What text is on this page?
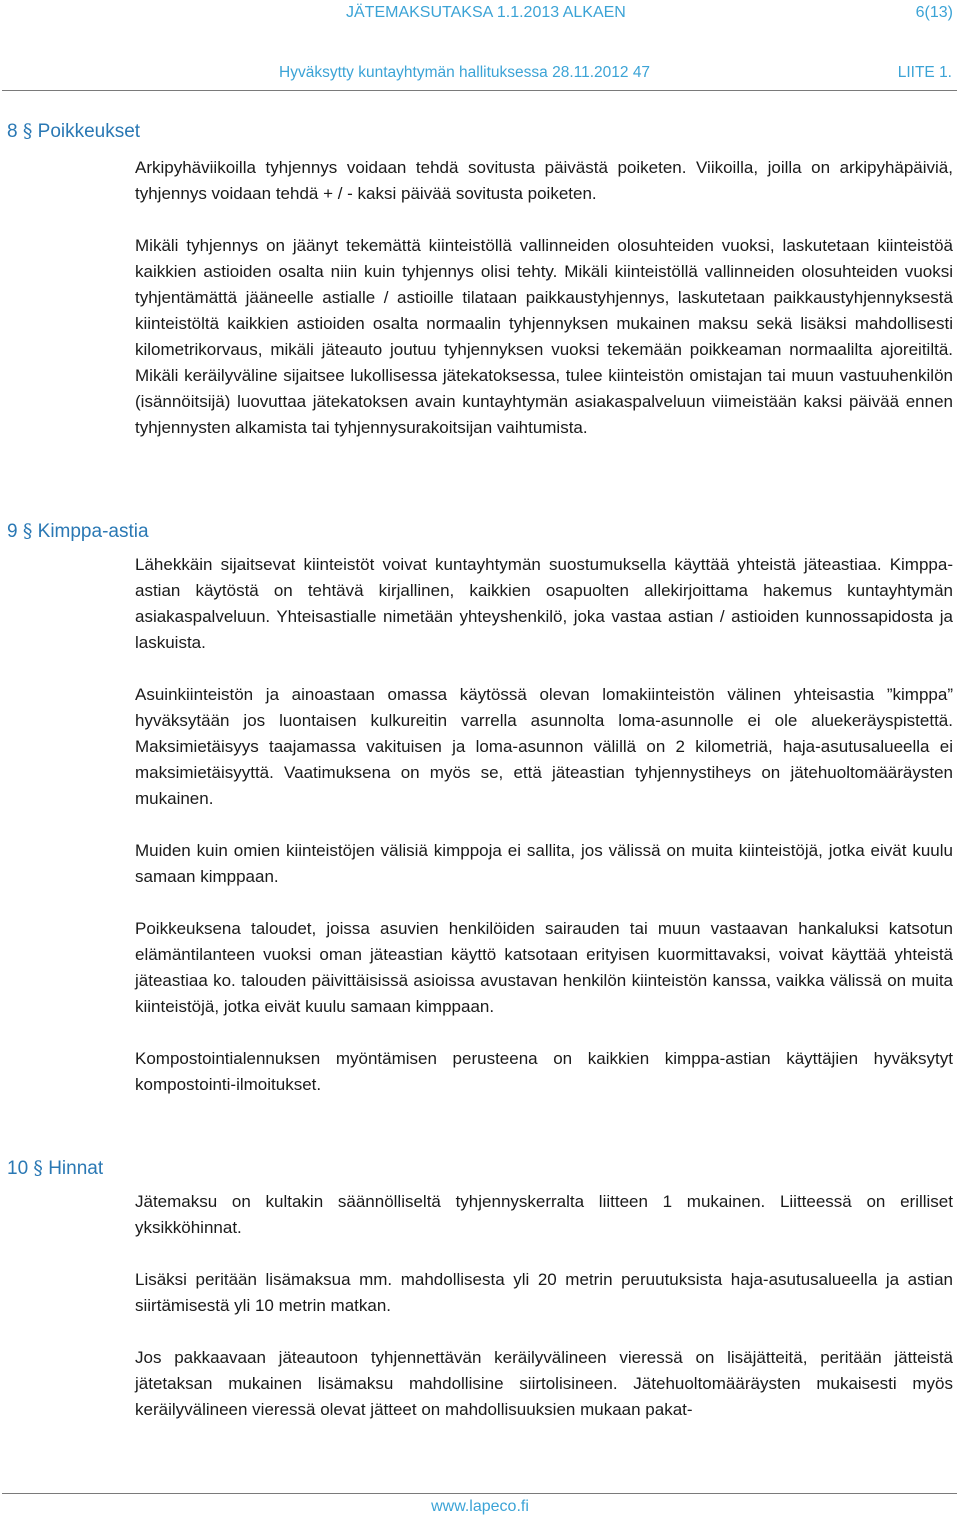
JÄTEMAKSUTAKSA 1.1.2013 ALKAEN	6(13)
Hyväksytty kuntayhtymän hallituksessa 28.11.2012 47	LIITE 1.
8 § Poikkeukset

Arkipyhäviikoilla tyhjennys voidaan tehdä sovitusta päivästä poiketen. Viikoilla, joilla on arkipyhäpäiviä, tyhjennys voidaan tehdä + / - kaksi päivää sovitusta poiketen.

Mikäli tyhjennys on jäänyt tekemättä kiinteistöllä vallinneiden olosuhteiden vuoksi, laskutetaan kiinteistöä kaikkien astioiden osalta niin kuin tyhjennys olisi tehty. Mikäli kiinteistöllä vallinneiden olosuhteiden vuoksi tyhjentämättä jääneelle astialle / astioille tilataan paikkaustyhjennys, laskutetaan paikkaustyhjennyksestä kiinteistöltä kaikkien astioiden osalta normaalin tyhjennyksen mukainen maksu sekä lisäksi mahdollisesti kilometrikorvaus, mikäli jäteauto joutuu tyhjennyksen vuoksi tekemään poikkeaman normaalilta ajoreitiltä. Mikäli keräilyväline sijaitsee lukollisessa jätekatoksessa, tulee kiinteistön omistajan tai muun vastuuhenkilön (isännöitsijä) luovuttaa jätekatoksen avain kuntayhtymän asiakaspalveluun viimeistään kaksi päivää ennen tyhjennysten alkamista tai tyhjennysurakoitsijan vaihtumista.

9 § Kimppa-astia

Lähekkäin sijaitsevat kiinteistöt voivat kuntayhtymän suostumuksella käyttää yhteistä jäteastiaa. Kimppa-astian käytöstä on tehtävä kirjallinen, kaikkien osapuolten allekirjoittama hakemus kuntayhtymän asiakaspalveluun. Yhteisastialle nimetään yhteyshenkilö, joka vastaa astian / astioiden kunnossapidosta ja laskuista.

Asuinkiinteistön ja ainoastaan omassa käytössä olevan lomakiinteistön välinen yhteisastia ”kimppa” hyväksytään jos luontaisen kulkureitin varrella asunnolta loma-asunnolle ei ole aluekeräyspistettä. Maksimietäisyys taajamassa vakituisen ja loma-asunnon välillä on 2 kilometriä, haja-asutusalueella ei maksimietäisyyttä. Vaatimuksena on myös se, että jäteastian tyhjennystiheys on jätehuoltomääräysten mukainen.

Muiden kuin omien kiinteistöjen välisiä kimppoja ei sallita, jos välissä on muita kiinteistöjä, jotka eivät kuulu samaan kimppaan.

Poikkeuksena taloudet, joissa asuvien henkilöiden sairauden tai muun vastaavan hankaluksi katsotun elämäntilanteen vuoksi oman jäteastian käyttö katsotaan erityisen kuormittavaksi, voivat käyttää yhteistä jäteastiaa ko. talouden päivittäisissä asioissa avustavan henkilön kiinteistön kanssa, vaikka välissä on muita kiinteistöjä, jotka eivät kuulu samaan kimppaan.

Kompostointialennuksen myöntämisen perusteena on kaikkien kimppa-astian käyttäjien hyväksytyt kompostointi-ilmoitukset.

10 § Hinnat

Jätemaksu on kultakin säännölliseltä tyhjennyskerralta liitteen 1 mukainen. Liitteessä on erilliset yksikköhinnat.

Lisäksi peritään lisämaksua mm. mahdollisesta yli 20 metrin peruutuksista haja-asutusalueella ja astian siirtämisestä yli 10 metrin matkan.

Jos pakkaavaan jäteautoon tyhjennettävän keräilyvälineen vieressä on lisäjätteitä, peritään jätteistä jätetaksan mukainen lisämaksu mahdollisine siirtolisineen. Jätehuoltomääräysten mukaisesti myös keräilyvälineen vieressä olevat jätteet on mahdollisuuksien mukaan pakat-

www.lapeco.fi
